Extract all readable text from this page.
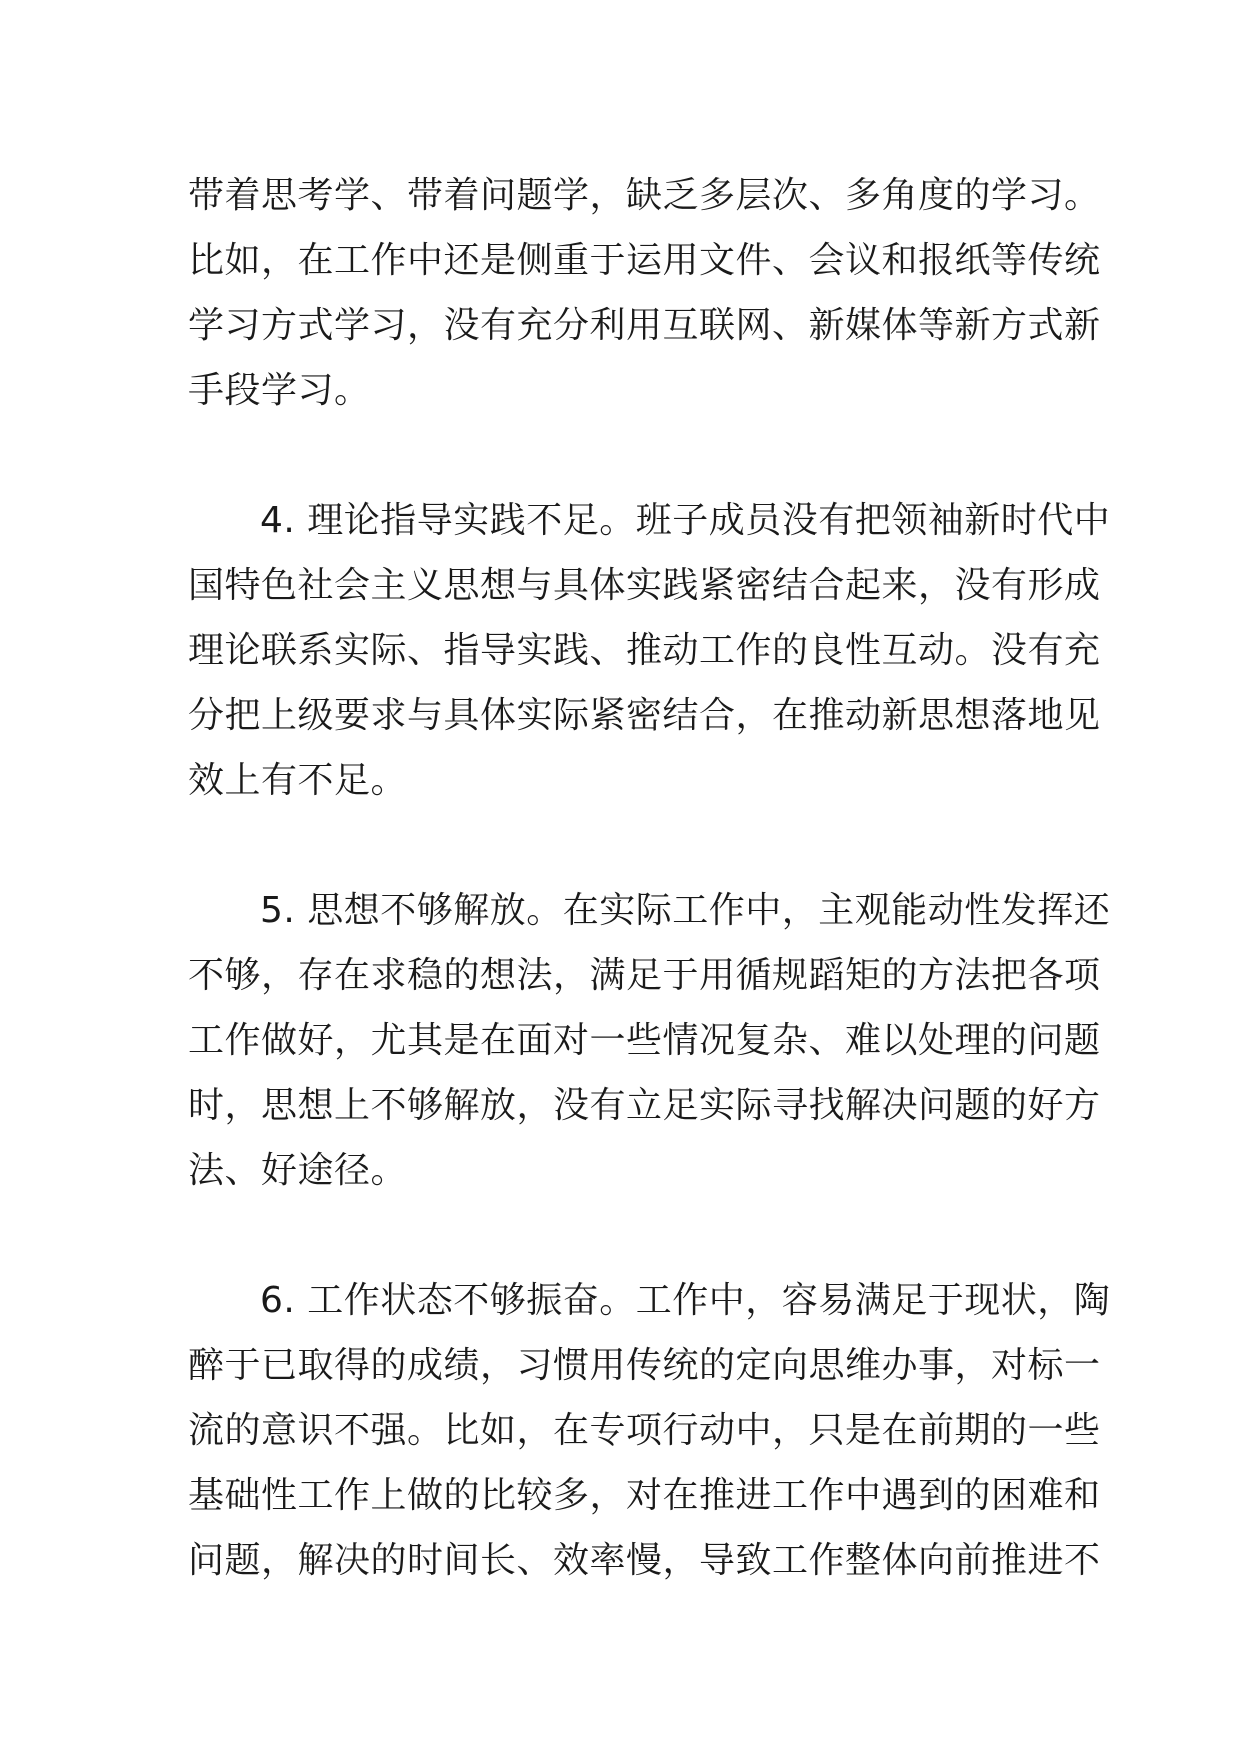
带着思考学、带着问题学，缺乏多层次、多角度的学习。
比如，在工作中还是侧重于运用文件、会议和报纸等传统
学习方式学习，没有充分利用互联网、新媒体等新方式新
手段学习。
4. 理论指导实践不足。班子成员没有把领袖新时代中
国特色社会主义思想与具体实践紧密结合起来，没有形成
理论联系实际、指导实践、推动工作的良性互动。没有充
分把上级要求与具体实际紧密结合，在推动新思想落地见
效上有不足。
5. 思想不够解放。在实际工作中，主观能动性发挥还
不够，存在求稳的想法，满足于用循规蹈矩的方法把各项
工作做好，尤其是在面对一些情况复杂、难以处理的问题
时，思想上不够解放，没有立足实际寻找解决问题的好方
法、好途径。
6. 工作状态不够振奋。工作中，容易满足于现状，陶
醉于已取得的成绩，习惯用传统的定向思维办事，对标一
流的意识不强。比如，在专项行动中，只是在前期的一些
基础性工作上做的比较多，对在推进工作中遇到的困难和
问题，解决的时间长、效率慢，导致工作整体向前推进不
